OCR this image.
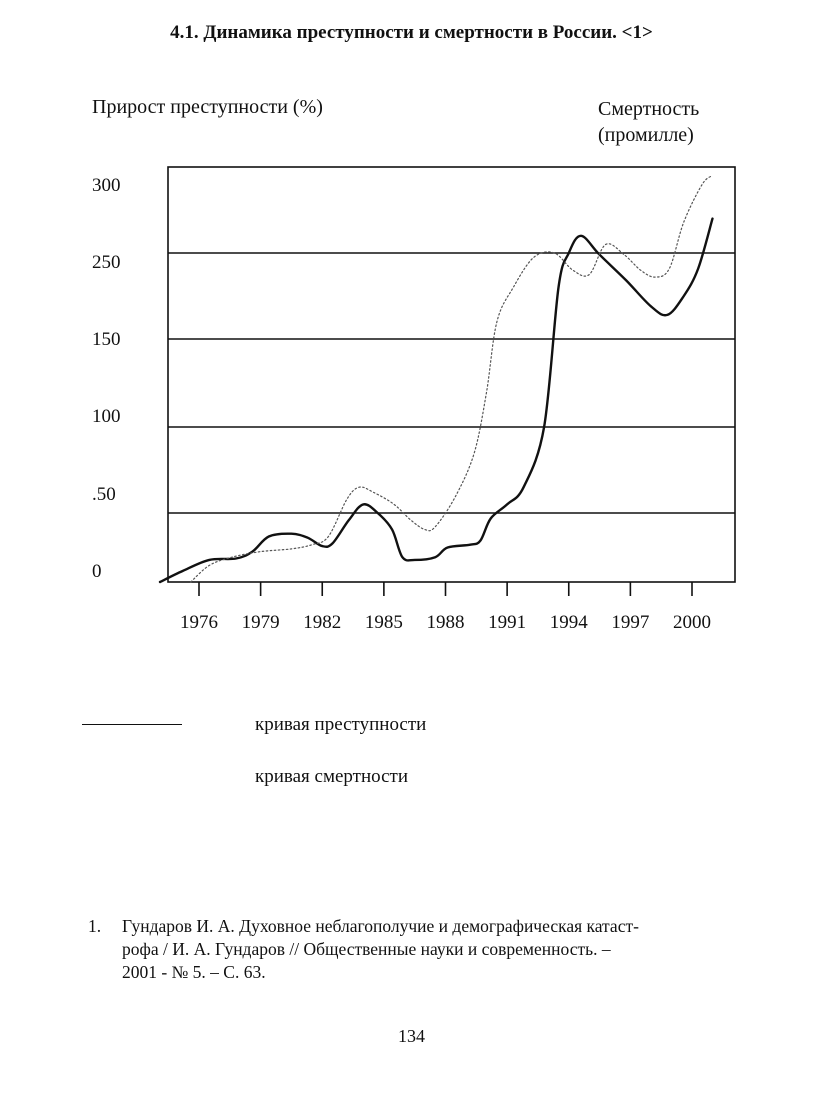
4.1. Динамика преступности и смертности в России. <1>
Прирост преступности (%)	Смертность
(промилле)
300
250
150
100
.50
0
1976 1979 1982 1985 1988 1991 1994 1997 2000
кривая преступности
кривая смертности
1. Гундаров И. А. Духовное неблагополучие и демографическая катаст-
рофа / И. А. Гундаров // Общественные науки и современность. –
2001 - № 5. – С. 63.
134
